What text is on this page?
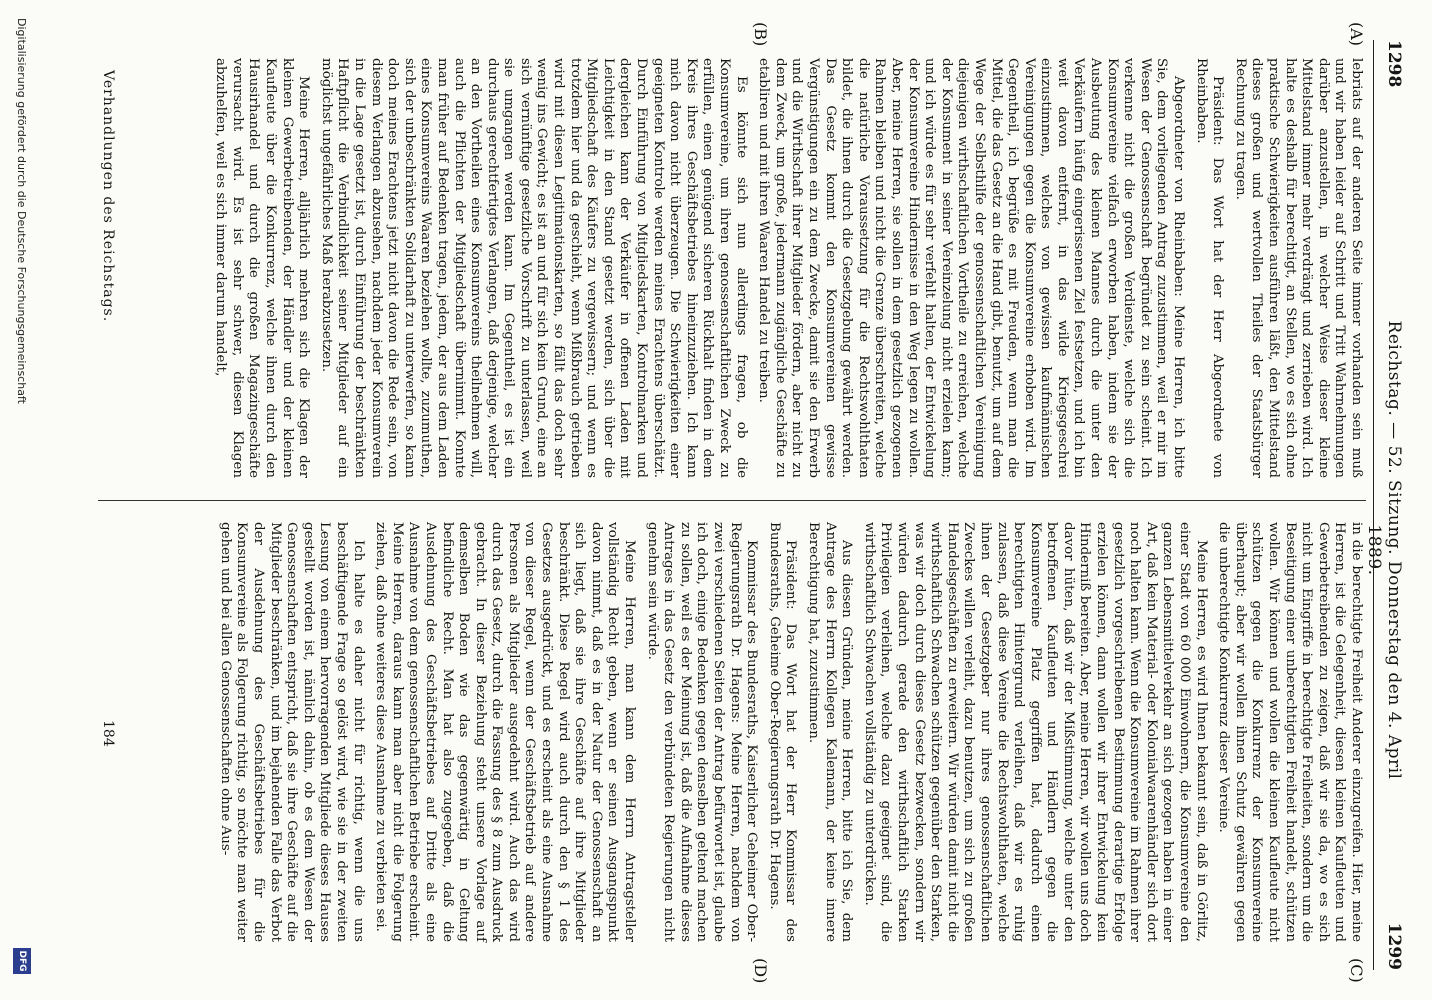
1298
Reichstag. — 52. Sitzung. Donnerstag den 4. April 1889.
1299
(A)
(B)
(C)
(D)

lebriats auf der anderen Seite immer vorhanden sein muß und wir haben leider auf Schritt und Tritt Wahrnehmungen darüber anzustellen, in welcher Weise dieser kleine Mittelstand immer mehr verdrängt und zerrieben wird. Ich halte es deshalb für berechtigt, an Stellen, wo es sich ohne praktische Schwierigkeiten ausführen läßt, den Mittelstand dieses großen und wertvollen Theiles der Staatsbürger Rechnung zu tragen.

Präsident: Das Wort hat der Herr Abgeordnete von Rheinbaben.

Abgeordneter von Rheinbaben: Meine Herren, ich bitte Sie, dem vorliegenden Antrag zuzustimmen, weil er mir im Wesen der Genossenschaft begründet zu sein scheint. Ich verkenne nicht die großen Verdienste, welche sich die Konsumvereine vielfach erworben haben, indem sie der Ausbeutung des kleinen Mannes durch die unter den Verkäufern häufig eingerissenen Ziel festsetzen, und ich bin weit davon entfernt, in das wilde Kriegsgeschrei einzustimmen, welches von gewissen kaufmännischen Vereinigungen gegen die Konsumvereine erhoben wird. Im Gegentheil, ich begrüße es mit Freuden, wenn man die Mittel, die das Gesetz an die Hand gibt, benutzt, um auf dem Wege der Selbsthilfe der genossenschaftlichen Vereinigung diejenigen wirthschaftlichen Vortheile zu erreichen, welche der Konsument in seiner Vereinzelung nicht erzielen kann; und ich würde es für sehr verfehlt halten, der Entwickelung der Konsumvereine Hindernisse in den Weg legen zu wollen. Aber, meine Herren, sie sollen in dem gesetzlich gezogenen Rahmen bleiben und nicht die Grenze überschreiten, welche die natürliche Voraussetzung für die Rechtswohlthaten bildet, die ihnen durch die Gesetzgebung gewährt werden. Das Gesetz kommt den Konsumvereinen gewisse Vergünstigungen ein zu dem Zwecke, damit sie den Erwerb und die Wirthschaft ihrer Mitglieder fördern, aber nicht zu dem Zweck, um große, jedermann zugängliche Geschäfte zu etabliren und mit ihren Waaren Handel zu treiben.

Es könnte sich nun allerdings fragen, ob die Konsumvereine, um ihren genossenschaftlichen Zweck zu erfüllen, einen genügend sicheren Rückhalt finden in dem Kreis ihres Geschäftsbetriebes hineinzuziehen. Ich kann mich davon nicht überzeugen. Die Schwierigkeiten einer geeigneten Kontrole werden meines Erachtens überschätzt. Durch Einführung von Mitgliedskarten, Kontrolmarken und dergleichen kann der Verkäufer in offenen Laden mit Leichtigkeit in den Stand gesetzt werden, sich über die Mitgliedschaft des Käufers zu vergewissern; und wenn es trotzdem hier und da geschieht, wenn Mißbrauch getrieben wird mit diesen Legitimationskarten, so fällt das doch sehr wenig ins Gewicht; es ist an und für sich kein Grund, eine an sich vernünftige gesetzliche Vorschrift zu unterlassen, weil sie umgangen werden kann. Im Gegentheil, es ist ein durchaus gerechtfertigtes Verlangen, daß derjenige, welcher an den Vortheilen eines Konsumvereins theilnehmen will, auch die Pflichten der Mitgliedschaft übernimmt. Konnte man früher auf Bedenken tragen, jedem, der aus dem Laden eines Konsumvereins Waaren beziehen wollte, zuzumuthen, sich der unbeschränkten Solidarhaft zu unterwerfen, so kann doch meines Erachtens jetzt nicht davon die Rede sein, von diesem Verlangen abzusehen, nachdem jeder Konsumverein in die Lage gesetzt ist, durch Einführung der beschränkten Haftpflicht die Verbindlichkeit seiner Mitglieder auf ein möglichst ungefährliches Maß herabzusetzen.

Meine Herren, alljährlich mehren sich die Klagen der kleinen Gewerbetreibenden, der Händler und der kleinen Kaufleute über die Konkurrenz, welche ihnen durch den Hausirhandel und durch die großen Magazingeschäfte verursacht wird. Es ist sehr schwer, diesen Klagen abzuhelfen, weil es sich immer darum handelt,

in die berechtigte Freiheit Anderer einzugreifen. Hier, meine Herren, ist die Gelegenheit, diesen kleinen Kaufleuten und Gewerbetreibenden zu zeigen, daß wir sie da, wo es sich nicht um Eingriffe in berechtigte Freiheiten, sondern um die Beseitigung einer unberechtigten Freiheit handelt, schützen wollen. Wir können und wollen die kleinen Kaufleute nicht schützen gegen die Konkurrenz der Konsumvereine überhaupt; aber wir wollen ihnen Schutz gewähren gegen die unberechtigte Konkurrenz dieser Vereine.

Meine Herren, es wird Ihnen bekannt sein, daß in Görlitz, einer Stadt von 60 000 Einwohnern, die Konsumvereine den ganzen Lebensmittelverkehr an sich gezogen haben in einer Art, daß kein Material- oder Kolonialwaarenhändler sich dort noch halten kann. Wenn die Konsumvereine im Rahmen ihrer gesetzlich vorgeschriebenen Bestimmung derartige Erfolge erzielen können, dann wollen wir ihrer Entwickelung kein Hinderniß bereiten. Aber, meine Herren, wir wollen uns doch davor hüten, daß wir der Mißstimmung, welche unter den betroffenen Kaufleuten und Händlern gegen die Konsumvereine Platz gegriffen hat, dadurch einen berechtigten Hintergrund verleihen, daß wir es ruhig zulassen, daß diese Vereine die Rechtswohlthaten, welche ihnen der Gesetzgeber nur ihres genossenschaftlichen Zweckes willen verleiht, dazu benutzen, um sich zu großen Handelsgeschäften zu erweitern. Wir würden damit nicht die wirthschaftlich Schwachen schützen gegenüber den Starken, was wir doch durch dieses Gesetz bezwecken, sondern wir würden dadurch gerade den wirthschaftlich Starken Privilegien verleihen, welche dazu geeignet sind, die wirthschaftlich Schwachen vollständig zu unterdrücken.

Aus diesen Gründen, meine Herren, bitte ich Sie, dem Antrage des Herrn Kollegen Kalemann, der keine innere Berechtigung hat, zuzustimmen.

Präsident: Das Wort hat der Herr Kommissar des Bundesraths, Geheime Ober-Regierungsrath Dr. Hagens.

Kommissar des Bundesraths, Kaiserlicher Geheimer Ober-Regierungsrath Dr. Hagens: Meine Herren, nachdem von zwei verschiedenen Seiten der Antrag befürwortet ist, glaube ich doch, einige Bedenken gegen denselben geltend machen zu sollen, weil es der Meinung ist, daß die Aufnahme dieses Antrages in das Gesetz den verbündeten Regierungen nicht genehm sein würde.

Meine Herren, man kann dem Herrn Antragsteller vollständig Recht geben, wenn er seinen Ausgangspunkt davon nimmt, daß es in der Natur der Genossenschaft an sich liegt, daß sie ihre Geschäfte auf ihre Mitglieder beschränkt. Diese Regel wird auch durch den § 1 des Gesetzes ausgedrückt, und es erscheint als eine Ausnahme von dieser Regel, wenn der Geschäftsbetrieb auf andere Personen als Mitglieder ausgedehnt wird. Auch das wird durch das Gesetz, durch die Fassung des § 8 zum Ausdruck gebracht. In dieser Beziehung steht unsere Vorlage auf demselben Boden wie das gegenwärtig in Geltung befindliche Recht. Man hat also zugegeben, daß die Ausdehnung des Geschäftsbetriebes auf Dritte als eine Ausnahme von dem genossenschaftlichen Betriebe erscheint. Meine Herren, daraus kann man aber nicht die Folgerung ziehen, daß ohne weiteres diese Ausnahme zu verbieten sei.

Ich halte es daher nicht für richtig, wenn die uns beschäftigende Frage so gelöst wird, wie sie in der zweiten Lesung von einem hervorragenden Mitgliede dieses Hauses gestellt worden ist, nämlich dahin, ob es dem Wesen der Genossenschaften entspricht, daß sie ihre Geschäfte auf die Mitglieder beschränken, und im bejahenden Falle das Verbot der Ausdehnung des Geschäftsbetriebes für die Konsumvereine als Folgerung richtig, so möchte man weiter gehen und bei allen Genossenschaften ohne Aus-

Verhandlungen des Reichstags.
184
Digitalisierung gefördert durch die Deutsche Forschungsgemeinschaft
DFG
